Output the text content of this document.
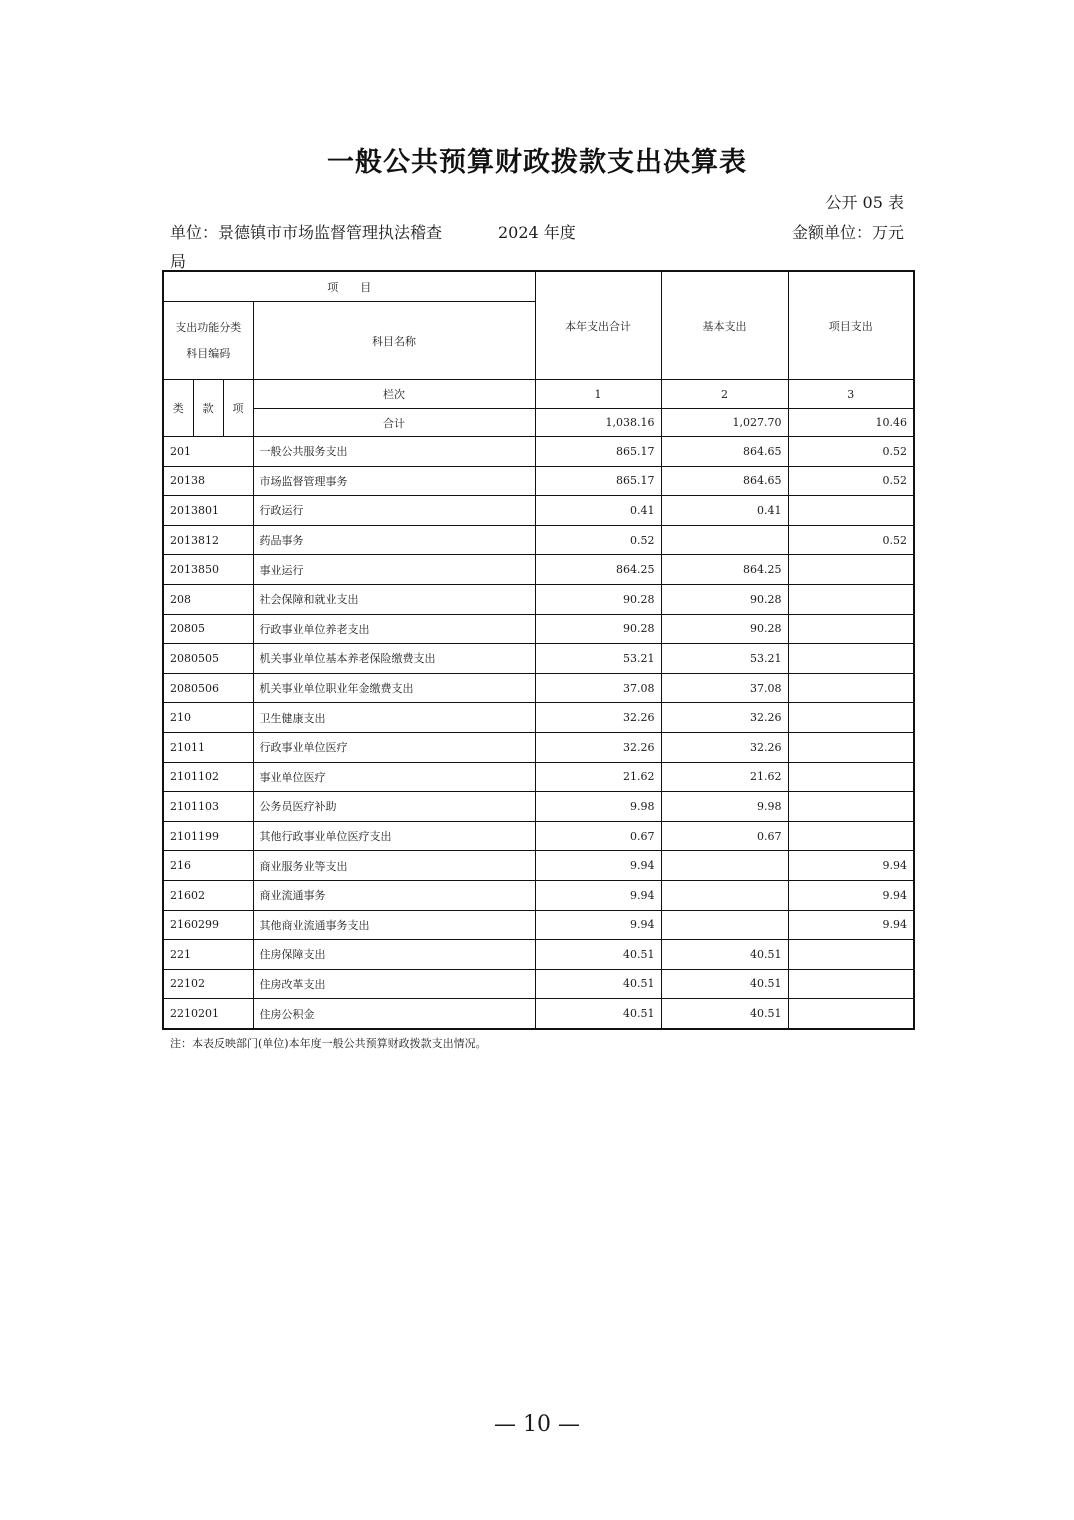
一般公共预算财政拨款支出决算表
公开 05 表
单位：景德镇市市场监督管理执法稽查局
2024 年度	金额单位：万元
项　　目				本年支出合计	基本支出	项目支出
支出功能分类科目编码			科目名称			
类	款	项	栏次	1	2	3
			合计	1,038.16	1,027.70	10.46
201			一般公共服务支出	865.17	864.65	0.52
20138			市场监督管理事务	865.17	864.65	0.52
2013801			行政运行	0.41	0.41	
2013812			药品事务	0.52		0.52
2013850			事业运行	864.25	864.25	
208			社会保障和就业支出	90.28	90.28	
20805			行政事业单位养老支出	90.28	90.28	
2080505			机关事业单位基本养老保险缴费支出	53.21	53.21	
2080506			机关事业单位职业年金缴费支出	37.08	37.08	
210			卫生健康支出	32.26	32.26	
21011			行政事业单位医疗	32.26	32.26	
2101102			事业单位医疗	21.62	21.62	
2101103			公务员医疗补助	9.98	9.98	
2101199			其他行政事业单位医疗支出	0.67	0.67	
216			商业服务业等支出	9.94		9.94
21602			商业流通事务	9.94		9.94
2160299			其他商业流通事务支出	9.94		9.94
221			住房保障支出	40.51	40.51	
22102			住房改革支出	40.51	40.51	
2210201			住房公积金	40.51	40.51	
注：本表反映部门(单位)本年度一般公共预算财政拨款支出情况。
— 10 —
